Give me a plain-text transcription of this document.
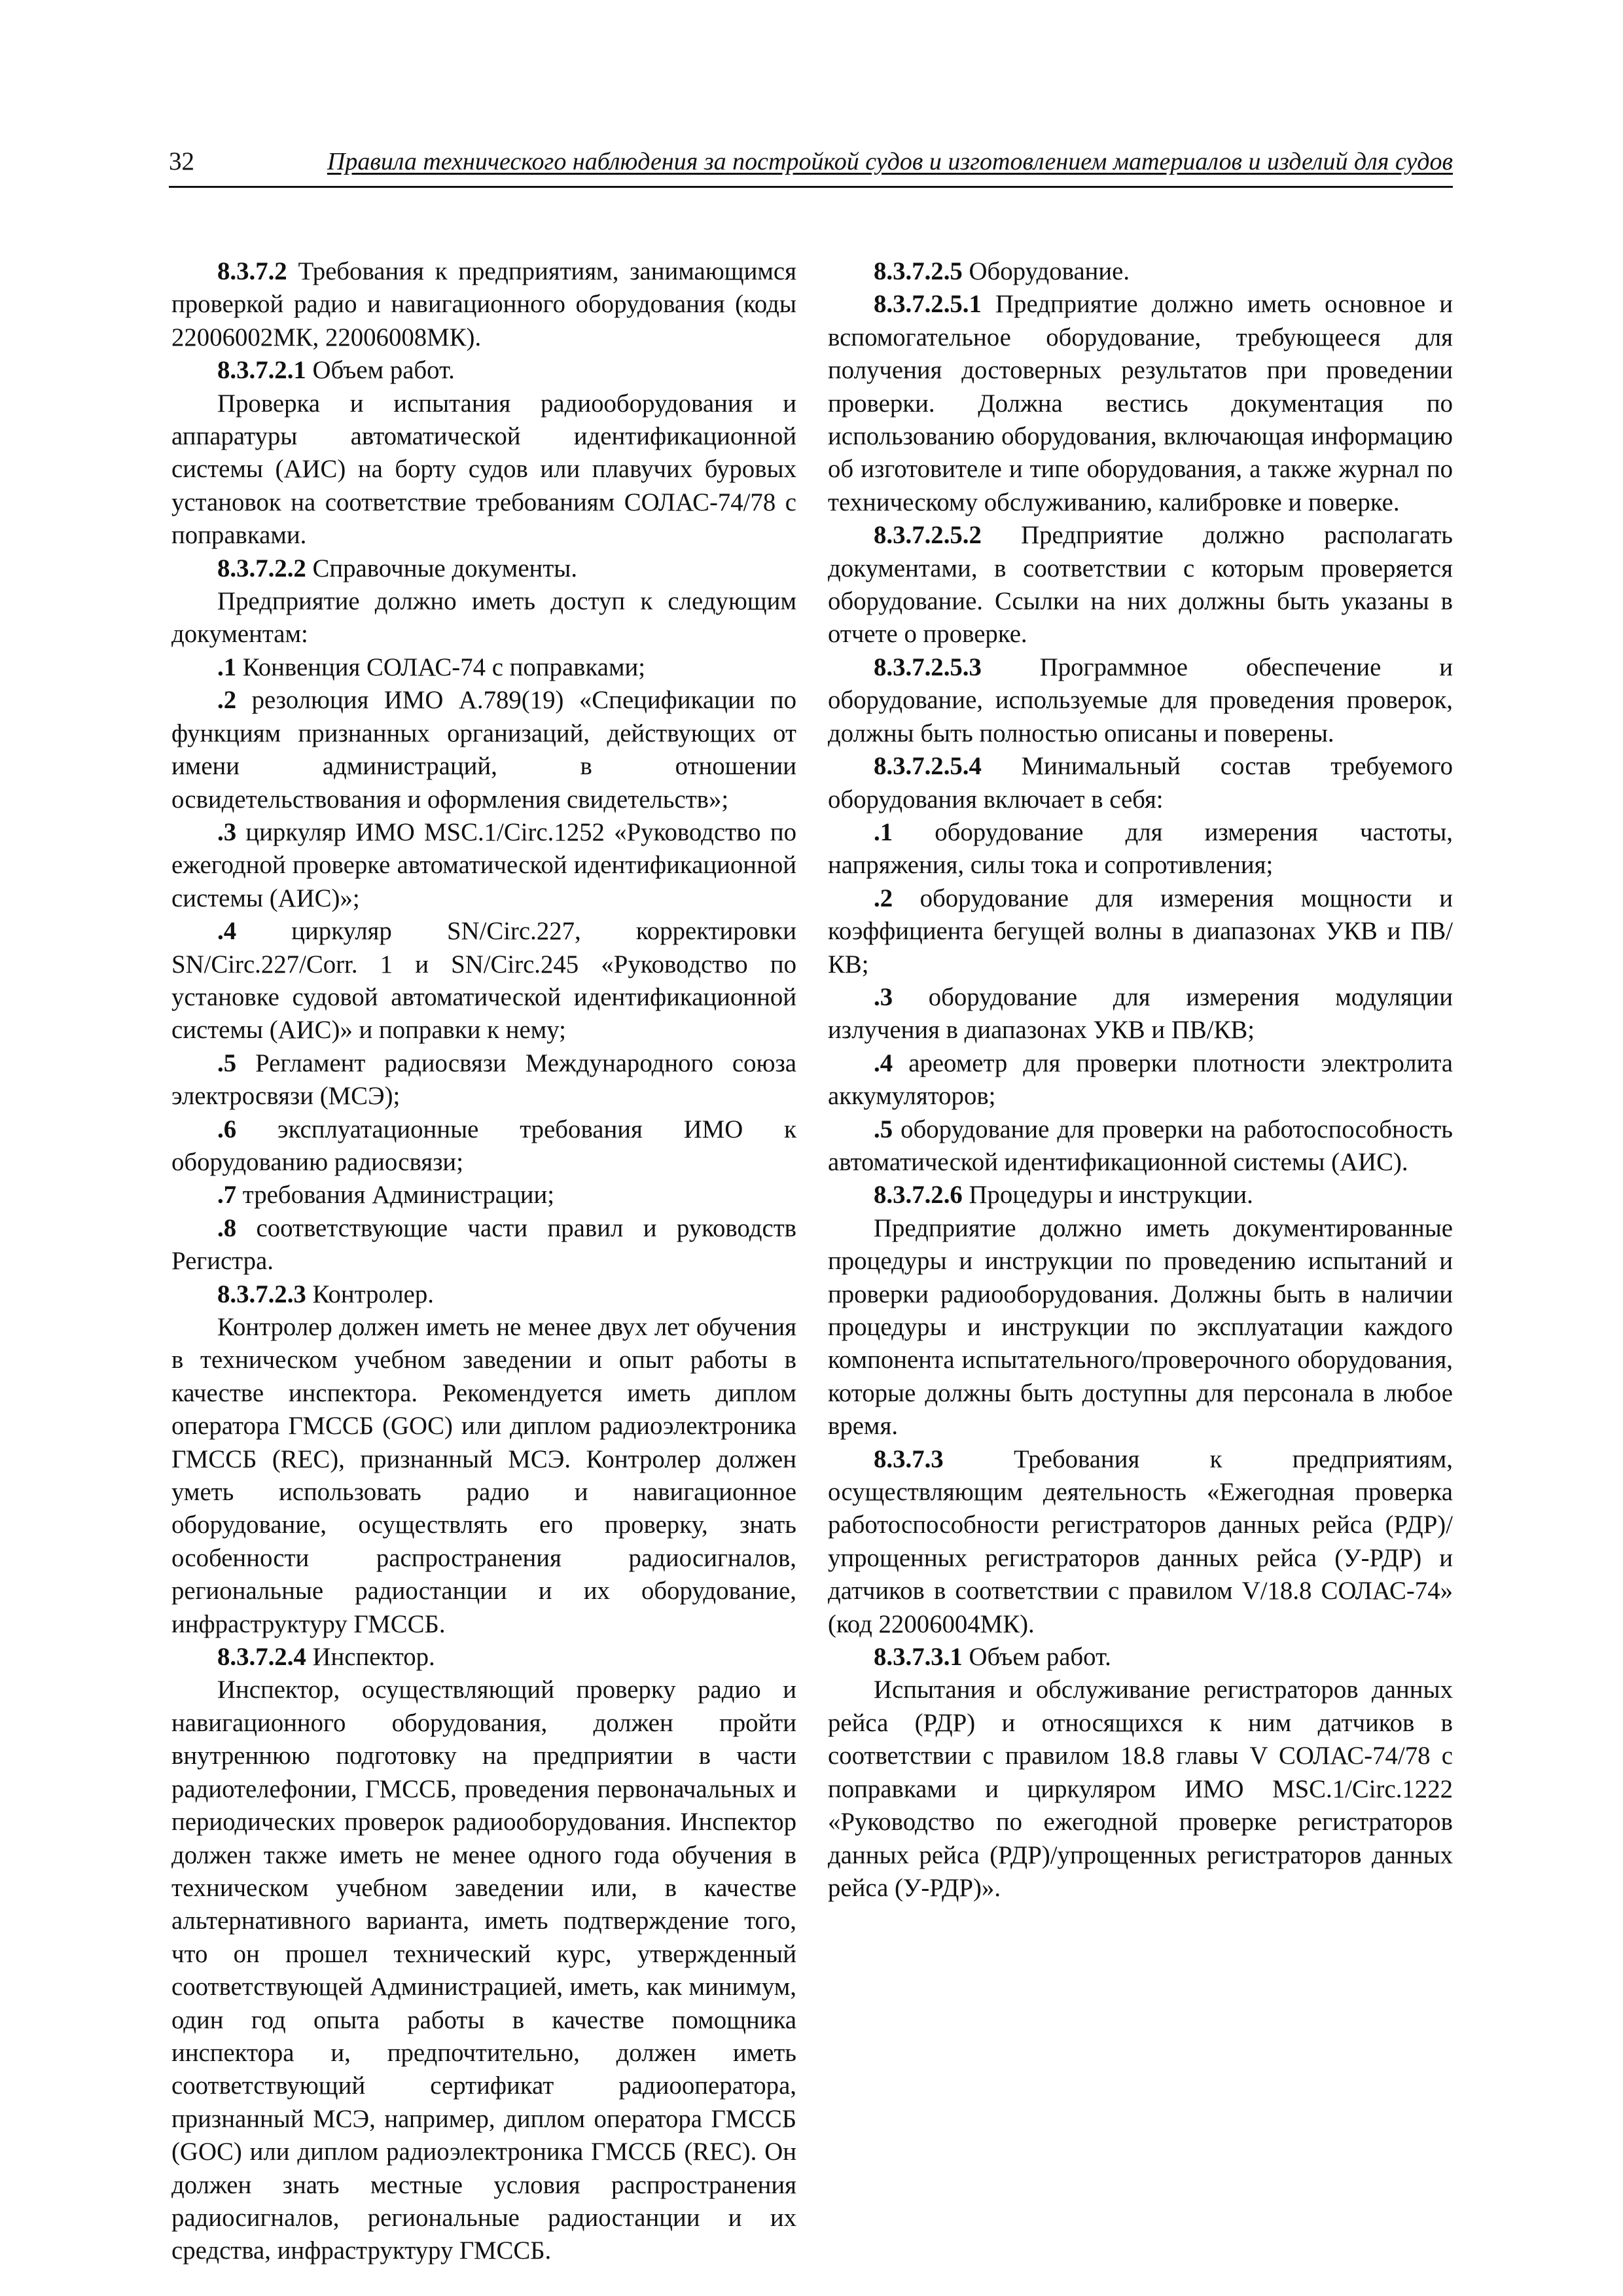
32	Правила технического наблюдения за постройкой судов и изготовлением материалов и изделий для судов

8.3.7.2 Требования к предприятиям, занимающимся проверкой радио и навигационного оборудования (коды 22006002МК, 22006008МК).

8.3.7.2.1 Объем работ.

Проверка и испытания радиооборудования и аппаратуры автоматической идентификационной системы (АИС) на борту судов или плавучих буровых установок на соответствие требованиям СОЛАС-74/78 с поправками.

8.3.7.2.2 Справочные документы.

Предприятие должно иметь доступ к следующим документам:

.1 Конвенция СОЛАС-74 с поправками;

.2 резолюция ИМО А.789(19) «Спецификации по функциям признанных организаций, действующих от имени администраций, в отношении освидетельствования и оформления свидетельств»;

.3 циркуляр ИМО MSC.1/Circ.1252 «Руководство по ежегодной проверке автоматической идентификационной системы (АИС)»;

.4 циркуляр SN/Circ.227, корректировки SN/Circ.227/Corr. 1 и SN/Circ.245 «Руководство по установке судовой автоматической идентификационной системы (АИС)» и поправки к нему;

.5 Регламент радиосвязи Международного союза электросвязи (МСЭ);

.6 эксплуатационные требования ИМО к оборудованию радиосвязи;

.7 требования Администрации;

.8 соответствующие части правил и руководств Регистра.

8.3.7.2.3 Контролер.

Контролер должен иметь не менее двух лет обучения в техническом учебном заведении и опыт работы в качестве инспектора. Рекомендуется иметь диплом оператора ГМССБ (GOC) или диплом радиоэлектроника ГМССБ (REC), признанный МСЭ. Контролер должен уметь использовать радио и навигационное оборудование, осуществлять его проверку, знать особенности распространения радиосигналов, региональные радиостанции и их оборудование, инфраструктуру ГМССБ.

8.3.7.2.4 Инспектор.

Инспектор, осуществляющий проверку радио и навигационного оборудования, должен пройти внутреннюю подготовку на предприятии в части радиотелефонии, ГМССБ, проведения первоначальных и периодических проверок радиооборудования. Инспектор должен также иметь не менее одного года обучения в техническом учебном заведении или, в качестве альтернативного варианта, иметь подтверждение того, что он прошел технический курс, утвержденный соответствующей Администрацией, иметь, как минимум, один год опыта работы в качестве помощника инспектора и, предпочтительно, должен иметь соответствующий сертификат радиооператора, признанный МСЭ, например, диплом оператора ГМССБ (GOC) или диплом радиоэлектроника ГМССБ (REC). Он должен знать местные условия распространения радиосигналов, региональные радиостанции и их средства, инфраструктуру ГМССБ.

8.3.7.2.5 Оборудование.

8.3.7.2.5.1 Предприятие должно иметь основное и вспомогательное оборудование, требующееся для получения достоверных результатов при проведении проверки. Должна вестись документация по использованию оборудования, включающая информацию об изготовителе и типе оборудования, а также журнал по техническому обслуживанию, калибровке и поверке.

8.3.7.2.5.2 Предприятие должно располагать документами, в соответствии с которым проверяется оборудование. Ссылки на них должны быть указаны в отчете о проверке.

8.3.7.2.5.3 Программное обеспечение и оборудование, используемые для проведения проверок, должны быть полностью описаны и поверены.

8.3.7.2.5.4 Минимальный состав требуемого оборудования включает в себя:

.1 оборудование для измерения частоты, напряжения, силы тока и сопротивления;

.2 оборудование для измерения мощности и коэффициента бегущей волны в диапазонах УКВ и ПВ/КВ;

.3 оборудование для измерения модуляции излучения в диапазонах УКВ и ПВ/КВ;

.4 ареометр для проверки плотности электролита аккумуляторов;

.5 оборудование для проверки на работоспособность автоматической идентификационной системы (АИС).

8.3.7.2.6 Процедуры и инструкции.

Предприятие должно иметь документированные процедуры и инструкции по проведению испытаний и проверки радиооборудования. Должны быть в наличии процедуры и инструкции по эксплуатации каждого компонента испытательного/проверочного оборудования, которые должны быть доступны для персонала в любое время.

8.3.7.3 Требования к предприятиям, осуществляющим деятельность «Ежегодная проверка работоспособности регистраторов данных рейса (РДР)/упрощенных регистраторов данных рейса (У-РДР) и датчиков в соответствии с правилом V/18.8 СОЛАС-74» (код 22006004МК).

8.3.7.3.1 Объем работ.

Испытания и обслуживание регистраторов данных рейса (РДР) и относящихся к ним датчиков в соответствии с правилом 18.8 главы V СОЛАС-74/78 с поправками и циркуляром ИМО MSC.1/Circ.1222 «Руководство по ежегодной проверке регистраторов данных рейса (РДР)/упрощенных регистраторов данных рейса (У-РДР)».
